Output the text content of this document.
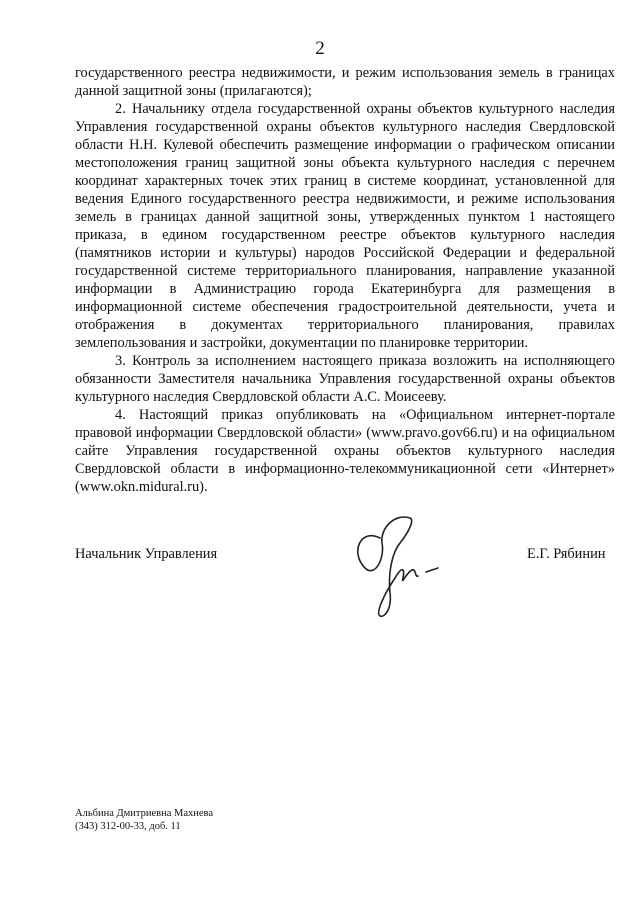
2

государственного реестра недвижимости, и режим использования земель в границах данной защитной зоны (прилагаются);

2. Начальнику отдела государственной охраны объектов культурного наследия Управления государственной охраны объектов культурного наследия Свердловской области Н.Н. Кулевой обеспечить размещение информации о графическом описании местоположения границ защитной зоны объекта культурного наследия с перечнем координат характерных точек этих границ в системе координат, установленной для ведения Единого государственного реестра недвижимости, и режиме использования земель в границах данной защитной зоны, утвержденных пунктом 1 настоящего приказа, в едином государственном реестре объектов культурного наследия (памятников истории и культуры) народов Российской Федерации и федеральной государственной системе территориального планирования, направление указанной информации в Администрацию города Екатеринбурга для размещения в информационной системе обеспечения градостроительной деятельности, учета и отображения в документах территориального планирования, правилах землепользования и застройки, документации по планировке территории.

3. Контроль за исполнением настоящего приказа возложить на исполняющего обязанности Заместителя начальника Управления государственной охраны объектов культурного наследия Свердловской области А.С. Моисееву.

4. Настоящий приказ опубликовать на «Официальном интернет-портале правовой информации Свердловской области» (www.pravo.gov66.ru) и на официальном сайте Управления государственной охраны объектов культурного наследия Свердловской области в информационно-телекоммуникационной сети «Интернет» (www.okn.midural.ru).

Начальник Управления	Е.Г. Рябинин
Альбина Дмитриевна Махнева
(343) 312-00-33, доб. 11
